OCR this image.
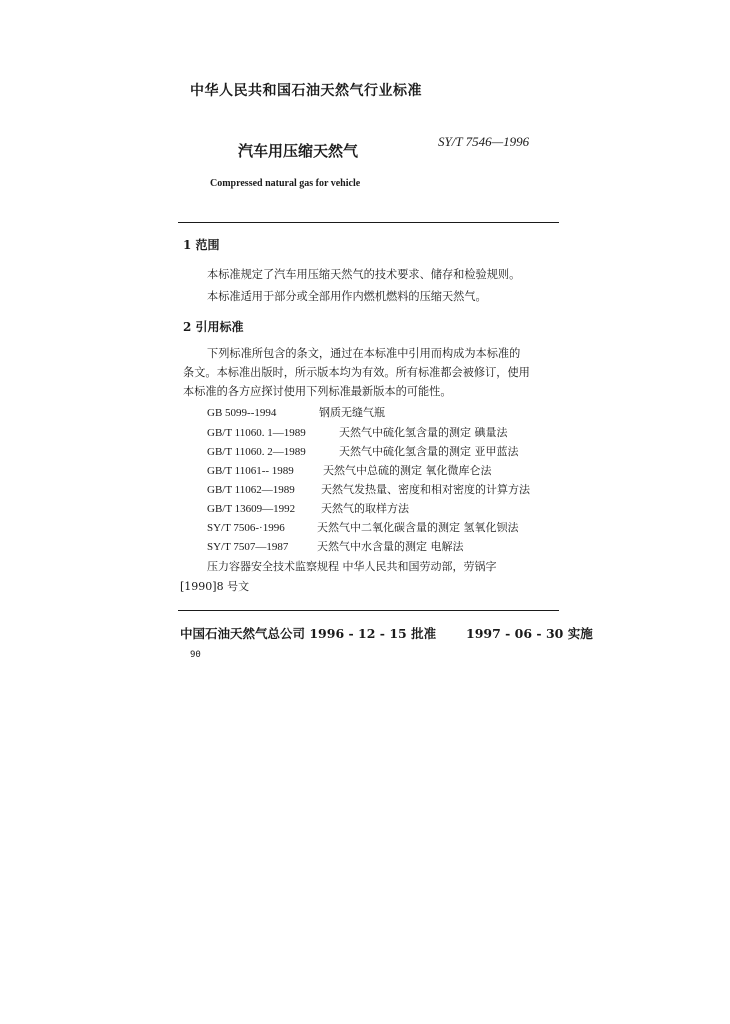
中华人民共和国石油天然气行业标准
汽车用压缩天然气
SY/T 7546—1996
Compressed natural gas for vehicle
1 范围
本标准规定了汽车用压缩天然气的技术要求、储存和检验规则。
本标准适用于部分或全部用作内燃机燃料的压缩天然气。
2 引用标准
下列标准所包含的条文，通过在本标准中引用而构成为本标准的
条文。本标准出版时，所示版本均为有效。所有标准都会被修订，使用
本标准的各方应探讨使用下列标准最新版本的可能性。
GB 5099--1994	钢质无缝气瓶
GB/T 11060. 1—1989	天然气中硫化氢含量的测定 碘量法
GB/T 11060. 2—1989	天然气中硫化氢含量的测定 亚甲蓝法
GB/T 11061-- 1989	天然气中总硫的测定 氧化微库仑法
GB/T 11062—1989 天然气发热量、密度和相对密度的计算方法
GB/T 13609—1992 天然气的取样方法
SY/T 7506-·1996	天然气中二氧化碳含量的测定 氢氧化钡法
SY/T 7507—1987	天然气中水含量的测定 电解法
压力容器安全技术监察规程 中华人民共和国劳动部，劳锅字
[1990]8 号文
中国石油天然气总公司 1996 - 12 - 15 批准 1997 - 06 - 30 实施
90
